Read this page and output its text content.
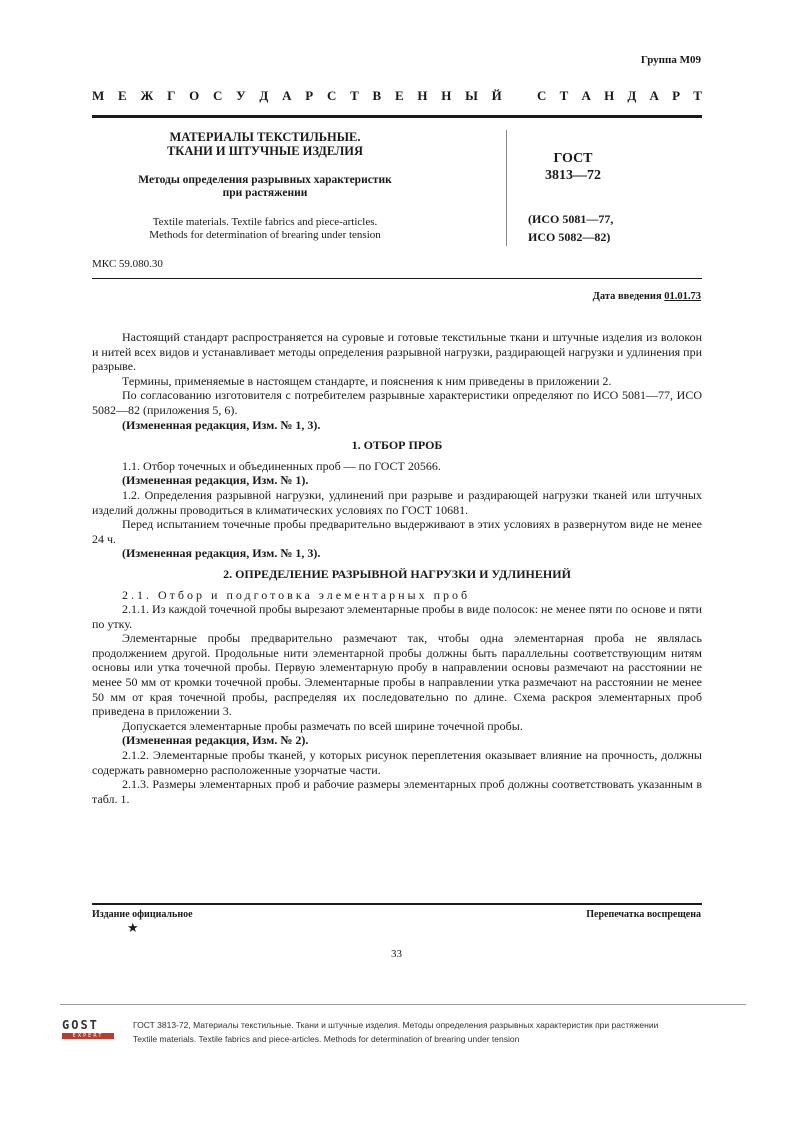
Группа М09
М Е Ж Г О С У Д А Р С Т В Е Н Н Ы Й	С Т А Н Д А Р Т
МАТЕРИАЛЫ ТЕКСТИЛЬНЫЕ.
ТКАНИ И ШТУЧНЫЕ ИЗДЕЛИЯ
Методы определения разрывных характеристик
при растяжении
Textile materials. Textile fabrics and piece-articles.
Methods for determination of brearing under tension
ГОСТ
3813—72
(ИСО 5081—77,
ИСО 5082—82)
МКС 59.080.30
Дата введения 01.01.73

Настоящий стандарт распространяется на суровые и готовые текстильные ткани и штучные изделия из волокон и нитей всех видов и устанавливает методы определения разрывной нагрузки, раздирающей нагрузки и удлинения при разрыве.

Термины, применяемые в настоящем стандарте, и пояснения к ним приведены в приложении 2.

По согласованию изготовителя с потребителем разрывные характеристики определяют по ИСО 5081—77, ИСО 5082—82 (приложения 5, 6).

(Измененная редакция, Изм. № 1, 3).

1. ОТБОР ПРОБ

1.1. Отбор точечных и объединенных проб — по ГОСТ 20566.

(Измененная редакция, Изм. № 1).

1.2. Определения разрывной нагрузки, удлинений при разрыве и раздирающей нагрузки тканей или штучных изделий должны проводиться в климатических условиях по ГОСТ 10681.

Перед испытанием точечные пробы предварительно выдерживают в этих условиях в развернутом виде не менее 24 ч.

(Измененная редакция, Изм. № 1, 3).

2. ОПРЕДЕЛЕНИЕ РАЗРЫВНОЙ НАГРУЗКИ И УДЛИНЕНИЙ

2.1. Отбор и подготовка элементарных проб

2.1.1. Из каждой точечной пробы вырезают элементарные пробы в виде полосок: не менее пяти по основе и пяти по утку.

Элементарные пробы предварительно размечают так, чтобы одна элементарная проба не являлась продолжением другой. Продольные нити элементарной пробы должны быть параллельны соответствующим нитям основы или утка точечной пробы. Первую элементарную пробу в направлении основы размечают на расстоянии не менее 50 мм от кромки точечной пробы. Элементарные пробы в направлении утка размечают на расстоянии не менее 50 мм от края точечной пробы, распределяя их последовательно по длине. Схема раскроя элементарных проб приведена в приложении 3.

Допускается элементарные пробы размечать по всей ширине точечной пробы.

(Измененная редакция, Изм. № 2).

2.1.2. Элементарные пробы тканей, у которых рисунок переплетения оказывает влияние на прочность, должны содержать равномерно расположенные узорчатые части.

2.1.3. Размеры элементарных проб и рабочие размеры элементарных проб должны соответствовать указанным в табл. 1.

Издание официальное
★
Перепечатка воспрещена
33
GOST
EXPERT
ГОСТ 3813-72, Материалы текстильные. Ткани и штучные изделия. Методы определения разрывных характеристик при растяжении
Textile materials. Textile fabrics and piece-articles. Methods for determination of brearing under tension
